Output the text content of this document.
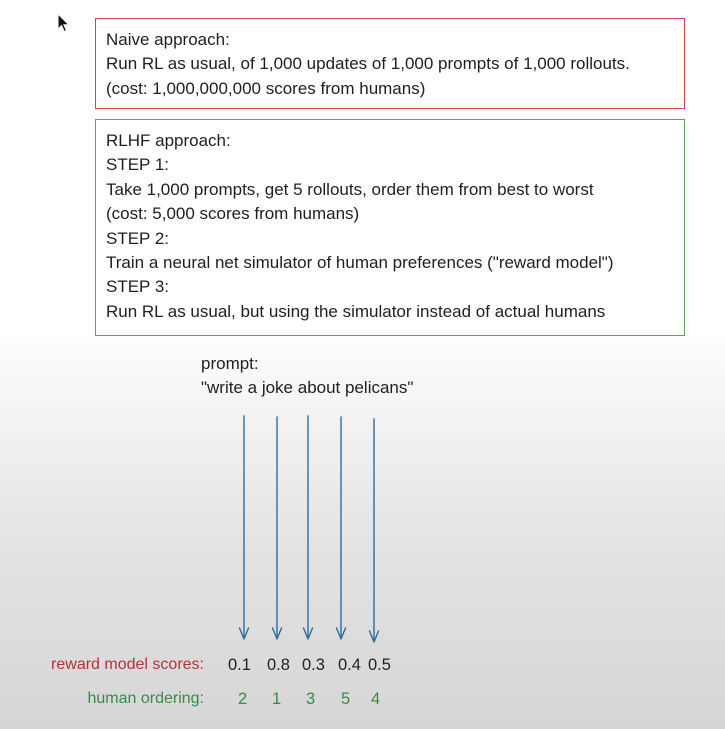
Naive approach:
Run RL as usual, of 1,000 updates of 1,000 prompts of 1,000 rollouts.
(cost: 1,000,000,000 scores from humans)
RLHF approach:
STEP 1:
Take 1,000 prompts, get 5 rollouts, order them from best to worst
(cost: 5,000 scores from humans)
STEP 2:
Train a neural net simulator of human preferences ("reward model")
STEP 3:
Run RL as usual, but using the simulator instead of actual humans
prompt:
"write a joke about pelicans"
reward model scores:
human ordering:
0.1 0.8 0.3 0.4 0.5
2 1 3 5 4
